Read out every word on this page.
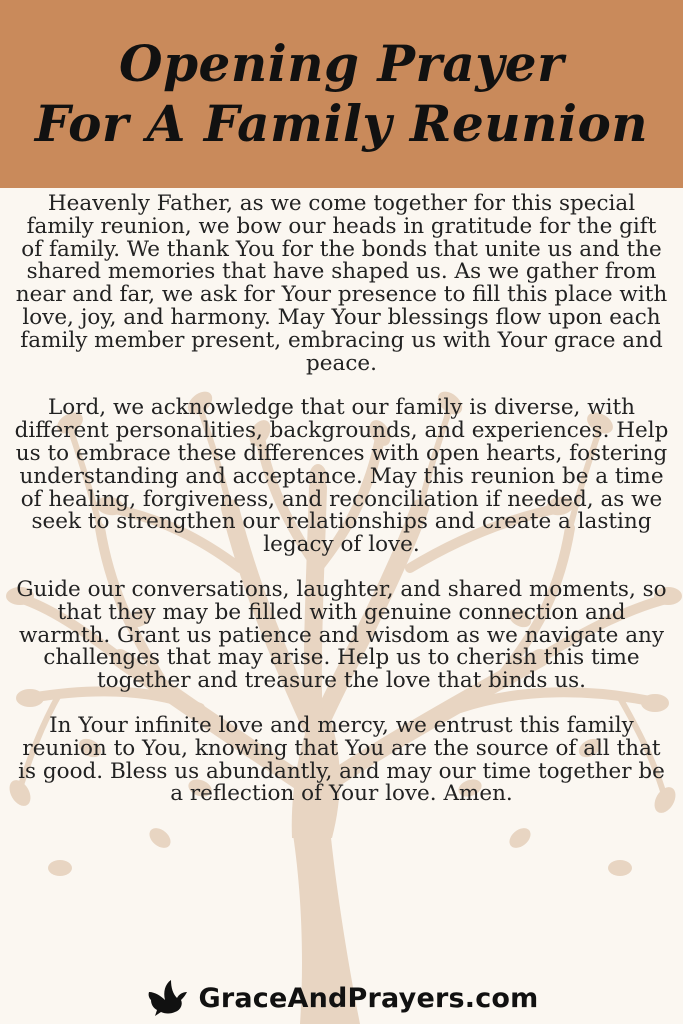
Opening Prayer
For A Family Reunion

Heavenly Father, as we come together for this special family reunion, we bow our heads in gratitude for the gift of family. We thank You for the bonds that unite us and the shared memories that have shaped us. As we gather from near and far, we ask for Your presence to fill this place with love, joy, and harmony. May Your blessings flow upon each family member present, embracing us with Your grace and peace.

Lord, we acknowledge that our family is diverse, with different personalities, backgrounds, and experiences. Help us to embrace these differences with open hearts, fostering understanding and acceptance. May this reunion be a time of healing, forgiveness, and reconciliation if needed, as we seek to strengthen our relationships and create a lasting legacy of love.

Guide our conversations, laughter, and shared moments, so that they may be filled with genuine connection and warmth. Grant us patience and wisdom as we navigate any challenges that may arise. Help us to cherish this time together and treasure the love that binds us.

In Your infinite love and mercy, we entrust this family reunion to You, knowing that You are the source of all that is good. Bless us abundantly, and may our time together be a reflection of Your love. Amen.

GraceAndPrayers.com
